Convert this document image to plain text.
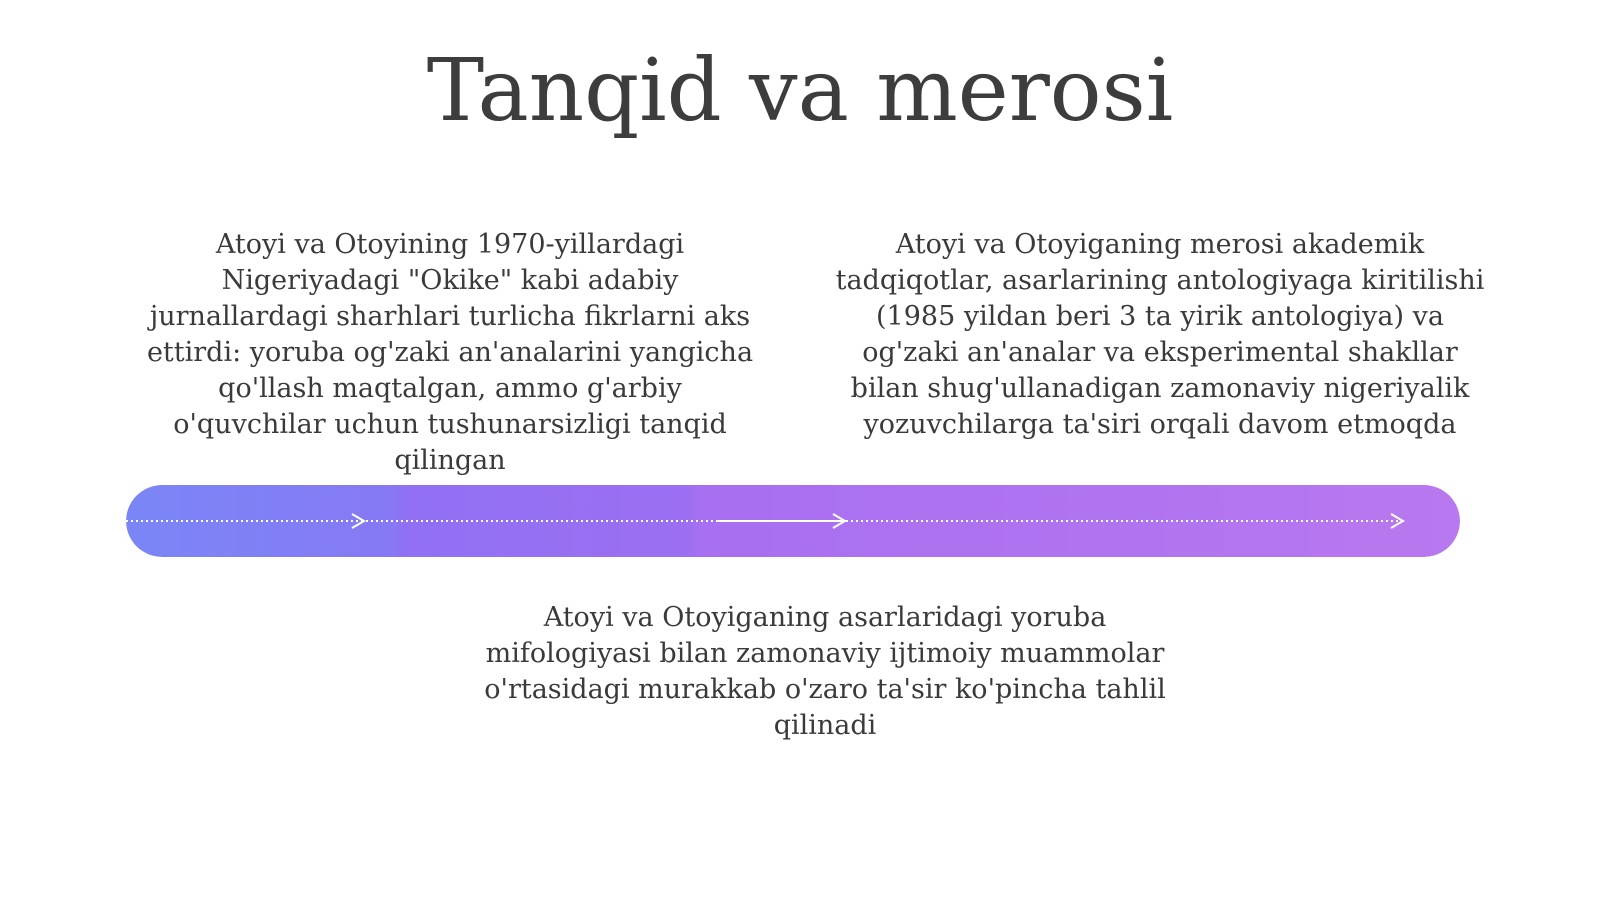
Tanqid va merosi
Atoyi va Otoyining 1970-yillardagi Nigeriyadagi "Okike" kabi adabiy jurnallardagi sharhlari turlicha fikrlarni aks ettirdi: yoruba og'zaki an'analarini yangicha qo'llash maqtalgan, ammo g'arbiy o'quvchilar uchun tushunarsizligi tanqid qilingan
Atoyi va Otoyiganing merosi akademik tadqiqotlar, asarlarining antologiyaga kiritilishi (1985 yildan beri 3 ta yirik antologiya) va og'zaki an'analar va eksperimental shakllar bilan shug'ullanadigan zamonaviy nigeriyalik yozuvchilarga ta'siri orqali davom etmoqda
Atoyi va Otoyiganing asarlaridagi yoruba mifologiyasi bilan zamonaviy ijtimoiy muammolar o'rtasidagi murakkab o'zaro ta'sir ko'pincha tahlil qilinadi
